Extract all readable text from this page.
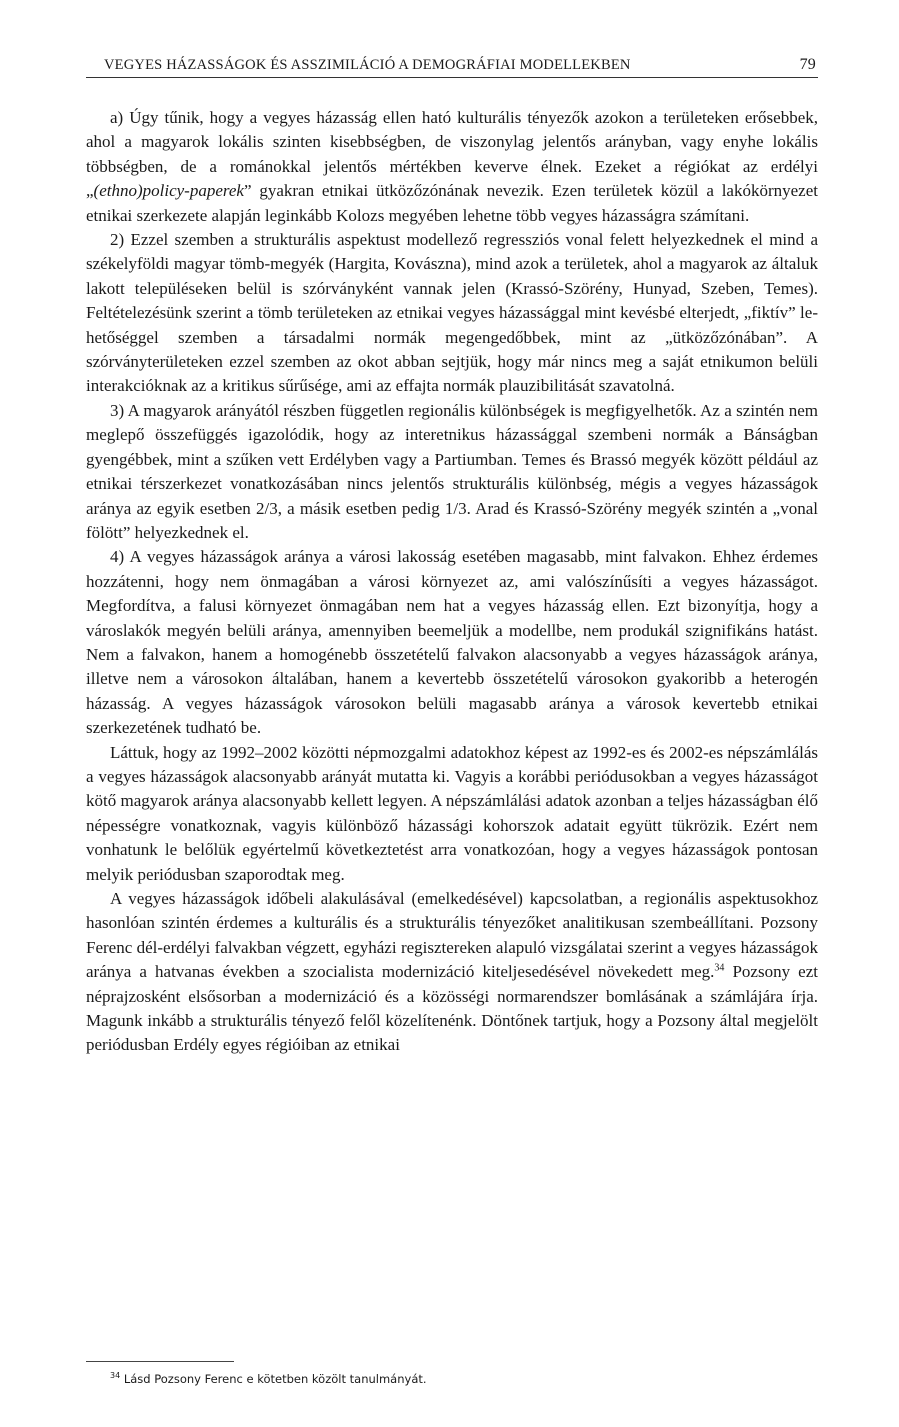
VEGYES HÁZASSÁGOK ÉS ASSZIMILÁCIÓ A DEMOGRÁFIAI MODELLEKBEN	79

a) Úgy tűnik, hogy a vegyes házasság ellen ható kulturális tényezők azokon a területeken erősebbek, ahol a magyarok lokális szinten kisebbségben, de viszonylag jelentős arányban, vagy enyhe lokális többségben, de a románokkal jelentős mértékben keverve élnek. Ezeket a régiókat az erdélyi „(ethno)policy-paperek” gyakran etnikai ütközőzónának nevezik. Ezen területek közül a lakókörnyezet etnikai szerkezete alapján leginkább Kolozs megyében lehetne több vegyes házasságra számítani.

2) Ezzel szemben a strukturális aspektust modellező regressziós vonal felett helyezkednek el mind a székelyföldi magyar tömb-megyék (Hargita, Kovászna), mind azok a területek, ahol a magyarok az általuk lakott településeken belül is szórványként vannak jelen (Krassó-Szörény, Hunyad, Szeben, Temes). Feltételezésünk szerint a tömb területeken az etnikai vegyes házassággal mint kevésbé elterjedt, „fiktív” lehetőséggel szemben a társadalmi normák megengedőbbek, mint az „ütközőzónában”. A szórványterületeken ezzel szemben az okot abban sejtjük, hogy már nincs meg a saját etnikumon belüli interakcióknak az a kritikus sűrűsége, ami az effajta normák plauzibilitását szavatolná.

3) A magyarok arányától részben független regionális különbségek is megfigyelhetők. Az a szintén nem meglepő összefüggés igazolódik, hogy az interetnikus házassággal szembeni normák a Bánságban gyengébbek, mint a szűken vett Erdélyben vagy a Partiumban. Temes és Brassó megyék között például az etnikai térszerkezet vonatkozásában nincs jelentős strukturális különbség, mégis a vegyes házasságok aránya az egyik esetben 2/3, a másik esetben pedig 1/3. Arad és Krassó-Szörény megyék szintén a „vonal fölött” helyezkednek el.

4) A vegyes házasságok aránya a városi lakosság esetében magasabb, mint falvakon. Ehhez érdemes hozzátenni, hogy nem önmagában a városi környezet az, ami valószínűsíti a vegyes házasságot. Megfordítva, a falusi környezet önmagában nem hat a vegyes házasság ellen. Ezt bizonyítja, hogy a városlakók megyén belüli aránya, amennyiben beemeljük a modellbe, nem produkál szignifikáns hatást. Nem a falvakon, hanem a homogénebb összetételű falvakon alacsonyabb a vegyes házasságok aránya, illetve nem a városokon általában, hanem a kevertebb összetételű városokon gyakoribb a heterogén házasság. A vegyes házasságok városokon belüli magasabb aránya a városok kevertebb etnikai szerkezetének tudható be.

Láttuk, hogy az 1992–2002 közötti népmozgalmi adatokhoz képest az 1992-es és 2002-es népszámlálás a vegyes házasságok alacsonyabb arányát mutatta ki. Vagyis a korábbi periódusokban a vegyes házasságot kötő magyarok aránya alacsonyabb kellett legyen. A népszámlálási adatok azonban a teljes házasságban élő népességre vonatkoznak, vagyis különböző házassági kohorszok adatait együtt tükrözik. Ezért nem vonhatunk le belőlük egyértelmű következtetést arra vonatkozóan, hogy a vegyes házasságok pontosan melyik periódusban szaporodtak meg.

A vegyes házasságok időbeli alakulásával (emelkedésével) kapcsolatban, a regionális aspektusokhoz hasonlóan szintén érdemes a kulturális és a strukturális tényezőket analitikusan szembeállítani. Pozsony Ferenc dél-erdélyi falvakban végzett, egyházi regisztereken alapuló vizsgálatai szerint a vegyes házasságok aránya a hatvanas években a szocialista modernizáció kiteljesedésével növekedett meg.$^{34}$ Pozsony ezt néprajzosként elsősorban a modernizáció és a közösségi normarendszer bomlásának a számlájára írja. Magunk inkább a strukturális tényező felől közelítenénk. Döntőnek tartjuk, hogy a Pozsony által megjelölt periódusban Erdély egyes régióiban az etnikai

$^{34}$ Lásd Pozsony Ferenc e kötetben közölt tanulmányát.
